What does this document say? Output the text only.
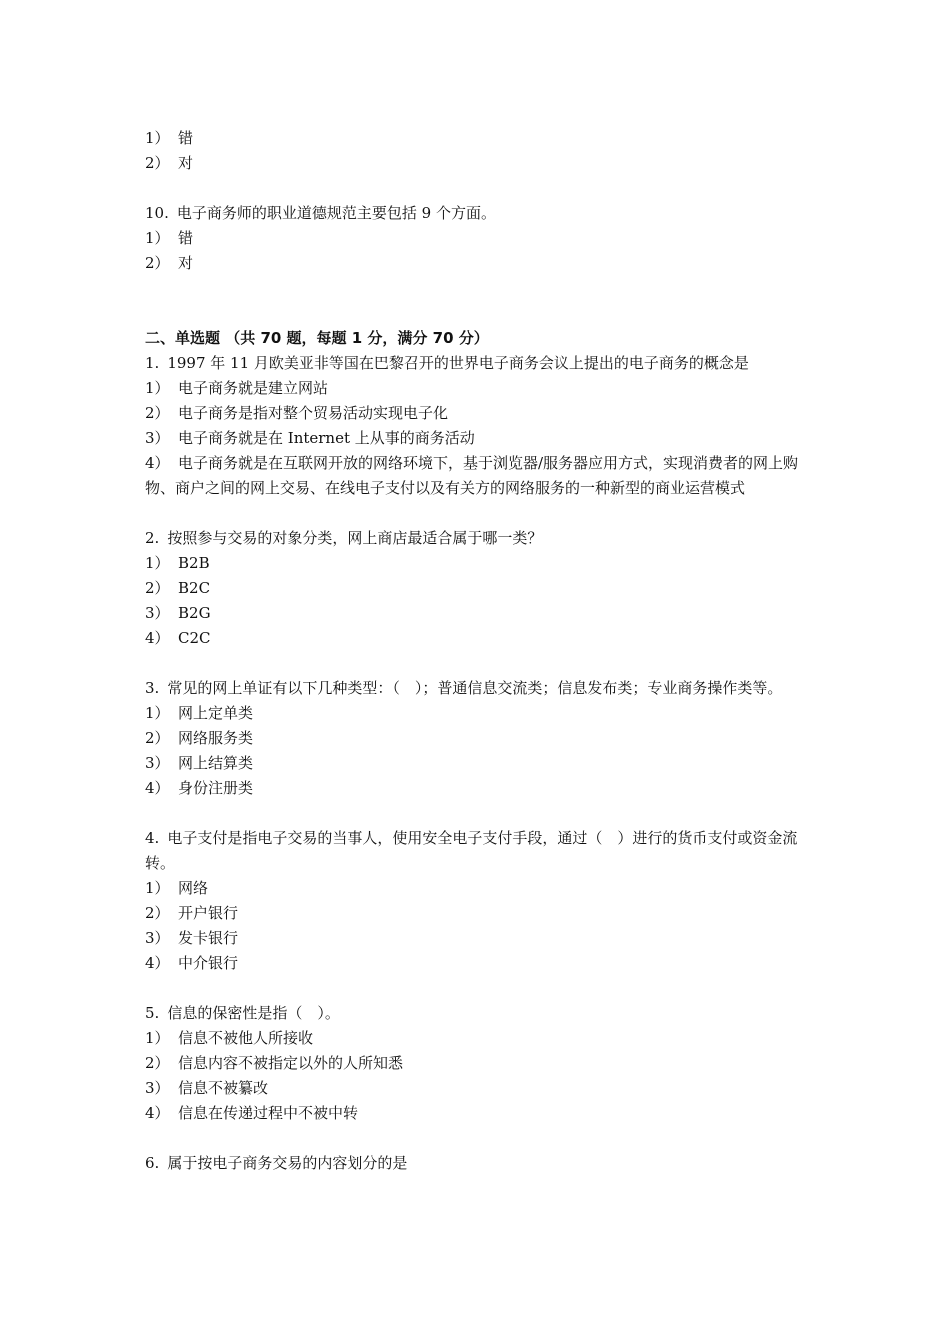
1） 错
2） 对

10. 电子商务师的职业道德规范主要包括 9 个方面。

1） 错
2） 对

二、单选题 （共 70 题，每题 1 分，满分 70 分）

1. 1997 年 11 月欧美亚非等国在巴黎召开的世界电子商务会议上提出的电子商务的概念是

1） 电子商务就是建立网站
2） 电子商务是指对整个贸易活动实现电子化
3） 电子商务就是在 Internet 上从事的商务活动

4） 电子商务就是在互联网开放的网络环境下，基于浏览器/服务器应用方式，实现消费者的网上购物、商户之间的网上交易、在线电子支付以及有关方的网络服务的一种新型的商业运营模式

2. 按照参与交易的对象分类，网上商店最适合属于哪一类？

1） B2B
2） B2C
3） B2G
4） C2C

3. 常见的网上单证有以下几种类型：（　）；普通信息交流类；信息发布类；专业商务操作类等。

1） 网上定单类
2） 网络服务类
3） 网上结算类
4） 身份注册类

4. 电子支付是指电子交易的当事人，使用安全电子支付手段，通过（　）进行的货币支付或资金流转。

1） 网络
2） 开户银行
3） 发卡银行
4） 中介银行

5. 信息的保密性是指（　）。

1） 信息不被他人所接收
2） 信息内容不被指定以外的人所知悉
3） 信息不被纂改
4） 信息在传递过程中不被中转

6. 属于按电子商务交易的内容划分的是
